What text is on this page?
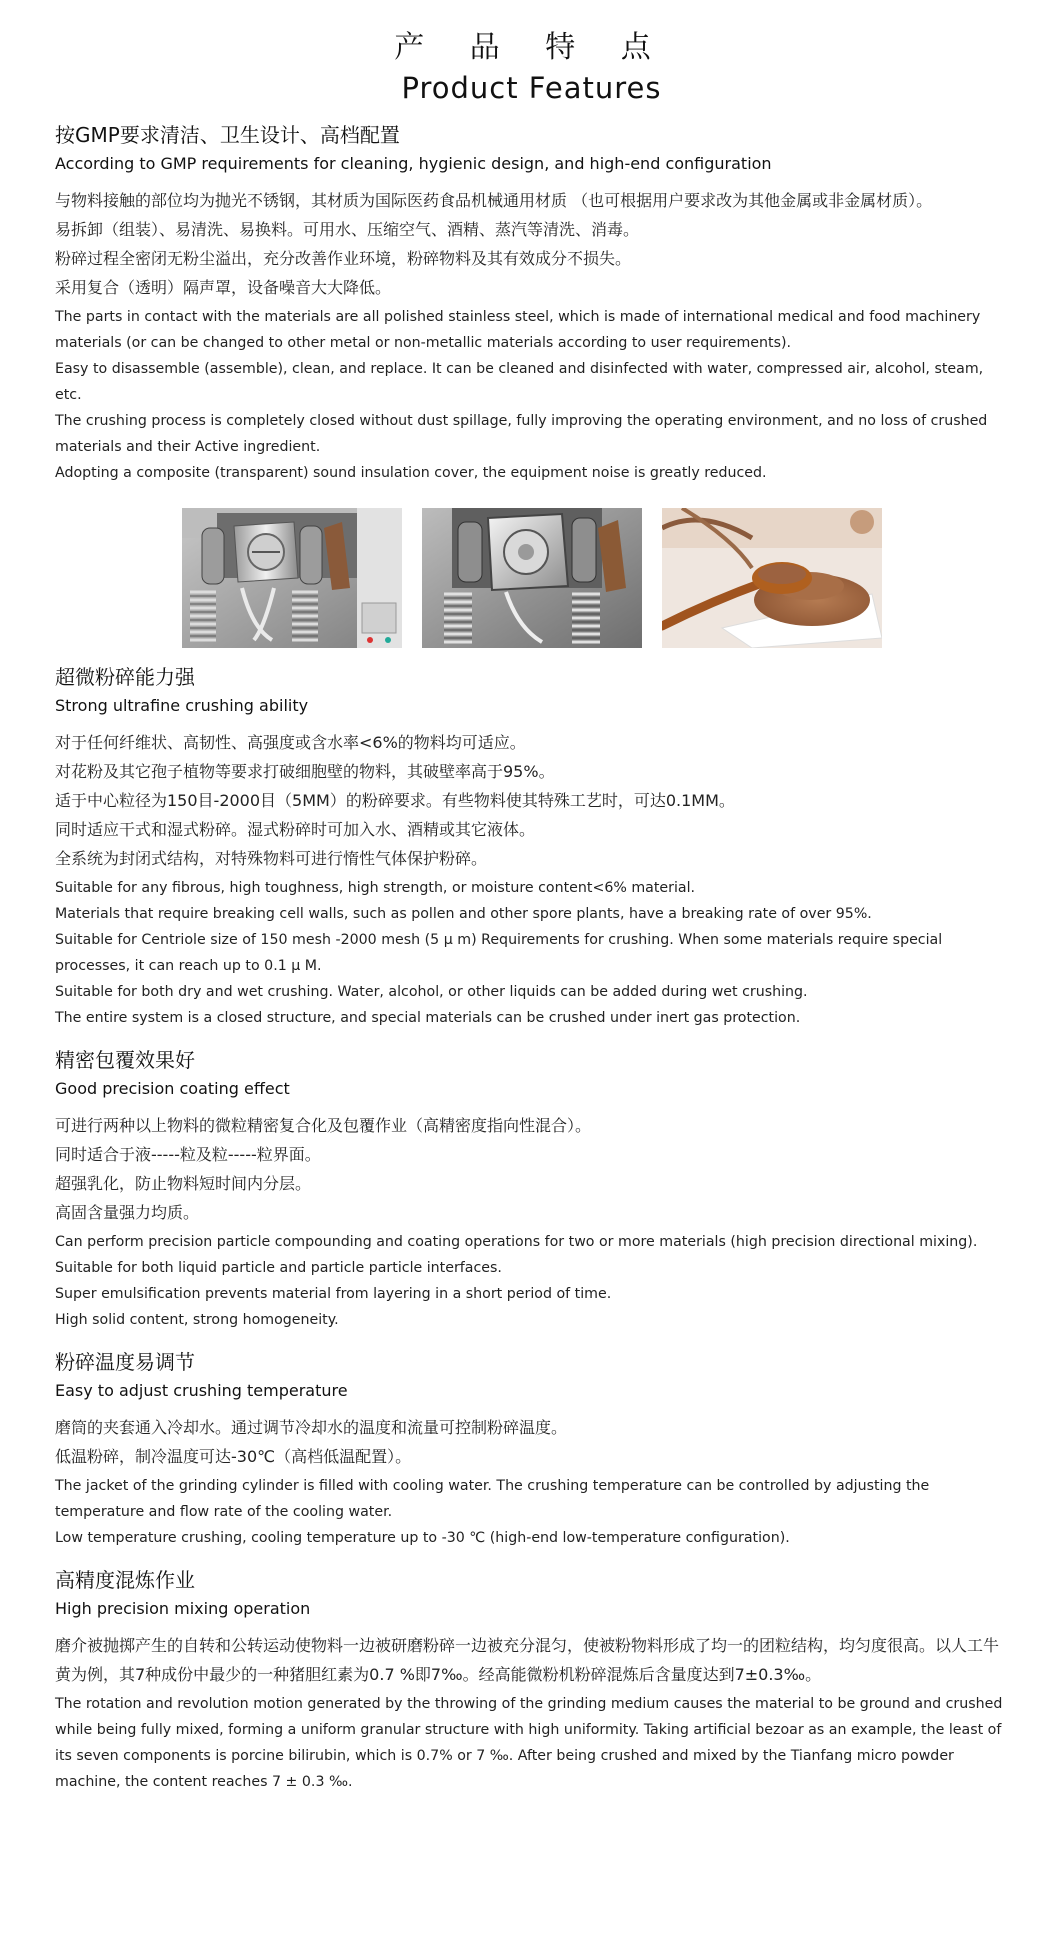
产 品 特 点
Product Features
按GMP要求清洁、卫生设计、高档配置
According to GMP requirements for cleaning, hygienic design, and high-end configuration
与物料接触的部位均为抛光不锈钢，其材质为国际医药食品机械通用材质 （也可根据用户要求改为其他金属或非金属材质）。
易拆卸（组装）、易清洗、易换料。可用水、压缩空气、酒精、蒸汽等清洗、消毒。
粉碎过程全密闭无粉尘溢出，充分改善作业环境，粉碎物料及其有效成分不损失。
采用复合（透明）隔声罩，设备噪音大大降低。
The parts in contact with the materials are all polished stainless steel, which is made of international medical and food machinery materials (or can be changed to other metal or non-metallic materials according to user requirements).
Easy to disassemble (assemble), clean, and replace. It can be cleaned and disinfected with water, compressed air, alcohol, steam, etc.
The crushing process is completely closed without dust spillage, fully improving the operating environment, and no loss of crushed materials and their Active ingredient.
Adopting a composite (transparent) sound insulation cover, the equipment noise is greatly reduced.
超微粉碎能力强
Strong ultrafine crushing ability
对于任何纤维状、高韧性、高强度或含水率<6%的物料均可适应。
对花粉及其它孢子植物等要求打破细胞壁的物料，其破壁率高于95%。
适于中心粒径为150目-2000目（5MM）的粉碎要求。有些物料使其特殊工艺时，可达0.1MM。
同时适应干式和湿式粉碎。湿式粉碎时可加入水、酒精或其它液体。
全系统为封闭式结构，对特殊物料可进行惰性气体保护粉碎。
Suitable for any fibrous, high toughness, high strength, or moisture content<6% material.
Materials that require breaking cell walls, such as pollen and other spore plants, have a breaking rate of over 95%.
Suitable for Centriole size of 150 mesh -2000 mesh (5 μ m) Requirements for crushing. When some materials require special processes, it can reach up to 0.1 μ M.
Suitable for both dry and wet crushing. Water, alcohol, or other liquids can be added during wet crushing.
The entire system is a closed structure, and special materials can be crushed under inert gas protection.
精密包覆效果好
Good precision coating effect
可进行两种以上物料的微粒精密复合化及包覆作业（高精密度指向性混合）。
同时适合于液-----粒及粒-----粒界面。
超强乳化，防止物料短时间内分层。
高固含量强力均质。
Can perform precision particle compounding and coating operations for two or more materials (high precision directional mixing).
Suitable for both liquid particle and particle particle interfaces.
Super emulsification prevents material from layering in a short period of time.
High solid content, strong homogeneity.
粉碎温度易调节
Easy to adjust crushing temperature
磨筒的夹套通入冷却水。通过调节冷却水的温度和流量可控制粉碎温度。
低温粉碎，制冷温度可达-30℃（高档低温配置）。
The jacket of the grinding cylinder is filled with cooling water. The crushing temperature can be controlled by adjusting the temperature and flow rate of the cooling water.
Low temperature crushing, cooling temperature up to -30 ℃ (high-end low-temperature configuration).
高精度混炼作业
High precision mixing operation
磨介被抛掷产生的自转和公转运动使物料一边被研磨粉碎一边被充分混匀，使被粉物料形成了均一的团粒结构，均匀度很高。以人工牛黄为例，其7种成份中最少的一种猪胆红素为0.7 %即7‰。经高能微粉机粉碎混炼后含量度达到7±0.3‰。
The rotation and revolution motion generated by the throwing of the grinding medium causes the material to be ground and crushed while being fully mixed, forming a uniform granular structure with high uniformity. Taking artificial bezoar as an example, the least of its seven components is porcine bilirubin, which is 0.7% or 7 ‰. After being crushed and mixed by the Tianfang micro powder machine, the content reaches 7 ± 0.3 ‰.
